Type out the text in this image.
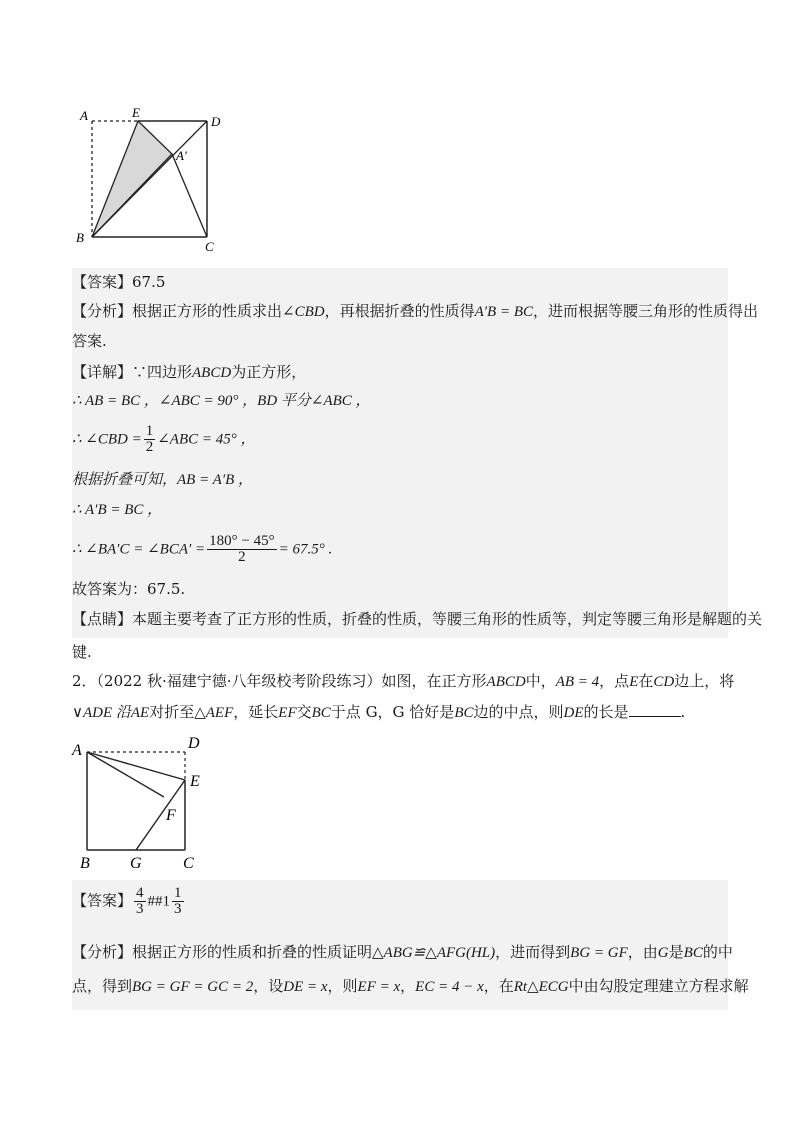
A	E
D
A′
B
C
【答案】67.5
【分析】根据正方形的性质求出∠CBD，再根据折叠的性质得A′B = BC，进而根据等腰三角形的性质得出
答案.
【详解】∵四边形ABCD为正方形，
∴ AB = BC ，∠ABC = 90° ，BD 平分∠ABC ，
∴ ∠CBD = $\frac{1}{2}$ ∠ABC = 45° ，
根据折叠可知，AB = A′B ，
∴ A′B = BC ，
∴ ∠BA′C = ∠BCA′ = $\frac{180^\circ - 45^\circ}{2} = 67.5^\circ$ .
故答案为：67.5.
【点睛】本题主要考查了正方形的性质，折叠的性质，等腰三角形的性质等，判定等腰三角形是解题的关
键.
2．（2022 秋·福建宁德·八年级校考阶段练习）如图，在正方形ABCD中，AB = 4，点E在CD边上，将
∨ADE 沿AE对折至△AEF，延长EF交BC于点 G，G 恰好是BC边的中点，则DE的长是	.
A	D
E
F
B	G	C
【答案】 $\frac{4}{3}$ ##1 $\frac{1}{3}$
【分析】根据正方形的性质和折叠的性质证明△ABG≌△AFG(HL)，进而得到BG = GF，由G是BC的中
点，得到BG = GF = GC = 2，设DE = x，则EF = x，EC = 4 − x，在Rt△ECG中由勾股定理建立方程求解
